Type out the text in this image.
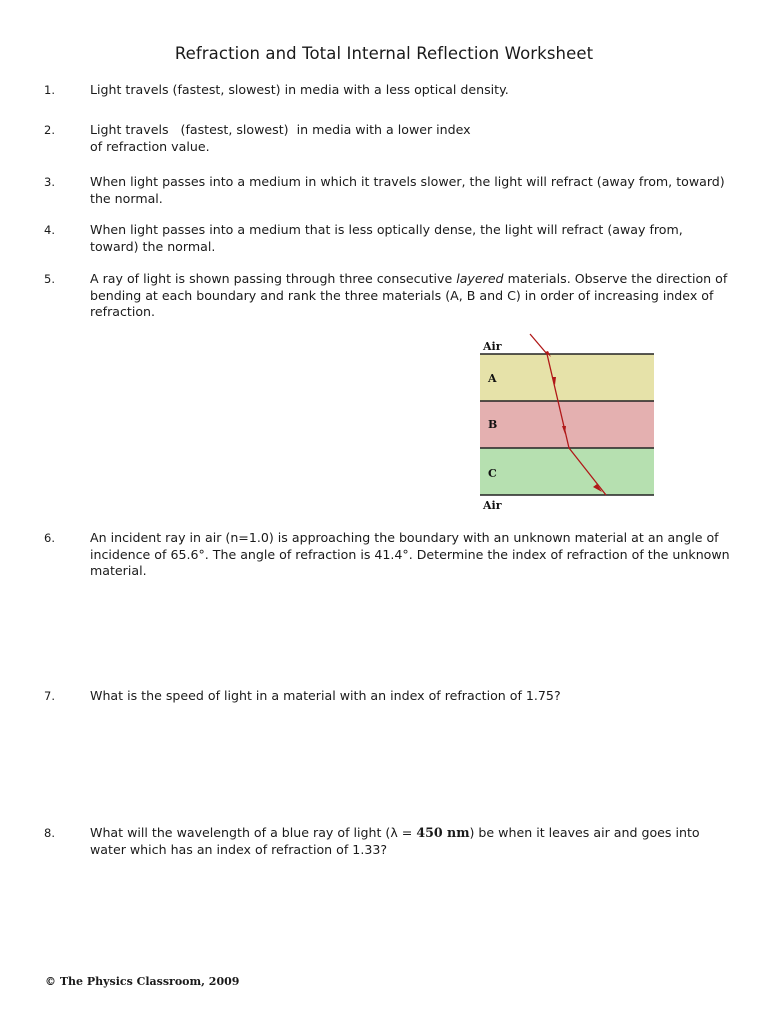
Refraction and Total Internal Reflection Worksheet
1.	Light travels (fastest, slowest) in media with a less optical density.
2.	Light travels   (fastest, slowest)  in media with a lower index
of refraction value.
3.	When light passes into a medium in which it travels slower, the light will refract (away from, toward) the normal.
4.	When light passes into a medium that is less optically dense, the light will refract (away from, toward) the normal.
5.	A ray of light is shown passing through three consecutive layered materials. Observe the direction of bending at each boundary and rank the three materials (A, B and C) in order of increasing index of refraction.
Air
A
B
C
Air
6.	An incident ray in air (n=1.0) is approaching the boundary with an unknown material at an angle of incidence of 65.6°. The angle of refraction is 41.4°. Determine the index of refraction of the unknown material.
7.	What is the speed of light in a material with an index of refraction of 1.75?
8.	What will the wavelength of a blue ray of light (λ = 450 nm) be when it leaves air and goes into water which has an index of refraction of 1.33?
© The Physics Classroom, 2009
